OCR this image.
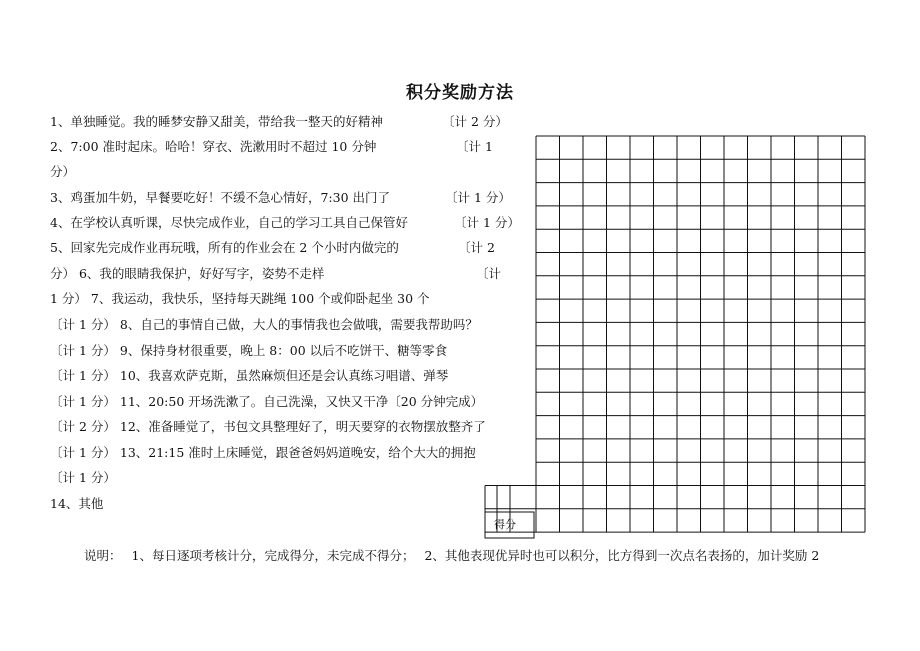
积分奖励方法
1、单独睡觉。我的睡梦安静又甜美，带给我一整天的好精神
2、7:00 准时起床。哈哈！穿衣、洗漱用时不超过 10 分钟
分）
3、鸡蛋加牛奶，早餐要吃好！不缓不急心情好，7:30 出门了
4、在学校认真听课，尽快完成作业，自己的学习工具自己保管好
5、回家先完成作业再玩哦，所有的作业会在 2 个小时内做完的
分） 6、我的眼睛我保护，好好写字，姿势不走样
1 分） 7、我运动，我快乐，坚持每天跳绳 100 个或仰卧起坐 30 个
〔计 1 分） 8、自己的事情自己做，大人的事情我也会做哦，需要我帮助吗？
〔计 1 分） 9、保持身材很重要，晚上 8：00 以后不吃饼干、糖等零食
〔计 1 分） 10、我喜欢萨克斯，虽然麻烦但还是会认真练习唱谱、弹琴
〔计 1 分） 11、20:50 开场洗漱了。自己洗澡，又快又干净〔20 分钟完成）
〔计 2 分） 12、准备睡觉了，书包文具整理好了，明天要穿的衣物摆放整齐了
〔计 1 分） 13、21:15 准时上床睡觉，跟爸爸妈妈道晚安，给个大大的拥抱
〔计 1 分）
14、其他
〔计 2 分）
〔计 1
〔计 1 分）
〔计 1 分）
〔计 2
〔计
得分
说明： 1、每日逐项考核计分，完成得分，未完成不得分； 2、其他表现优异时也可以积分，比方得到一次点名表扬的，加计奖励 2
